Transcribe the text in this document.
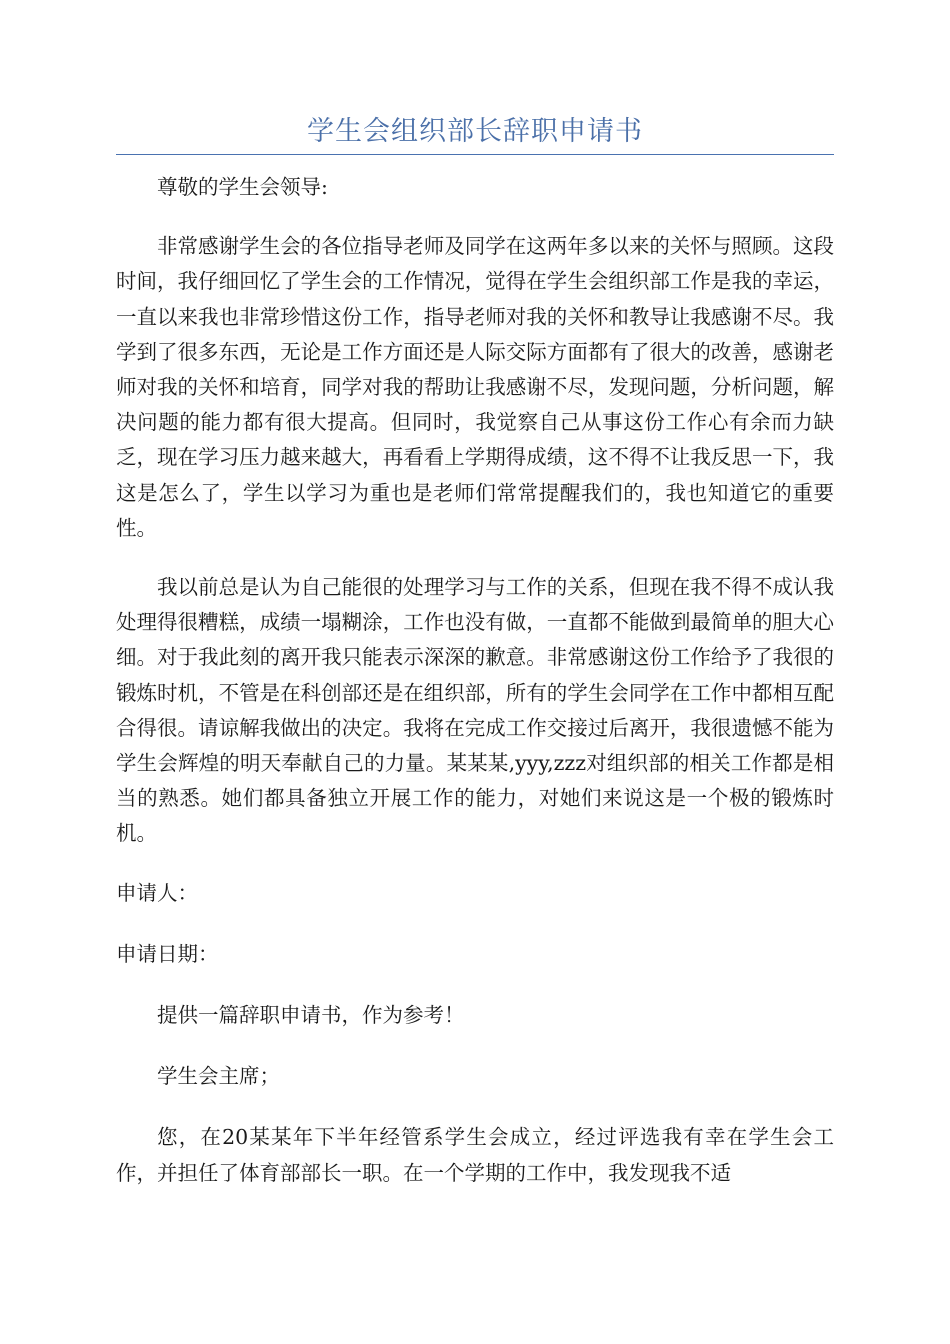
学生会组织部长辞职申请书

尊敬的学生会领导:

非常感谢学生会的各位指导老师及同学在这两年多以来的关怀与照顾。这段时间，我仔细回忆了学生会的工作情况，觉得在学生会组织部工作是我的幸运，一直以来我也非常珍惜这份工作，指导老师对我的关怀和教导让我感谢不尽。我学到了很多东西，无论是工作方面还是人际交际方面都有了很大的改善，感谢老师对我的关怀和培育，同学对我的帮助让我感谢不尽，发现问题，分析问题，解决问题的能力都有很大提高。但同时，我觉察自己从事这份工作心有余而力缺乏，现在学习压力越来越大，再看看上学期得成绩，这不得不让我反思一下，我这是怎么了，学生以学习为重也是老师们常常提醒我们的，我也知道它的重要性。

我以前总是认为自己能很的处理学习与工作的关系，但现在我不得不成认我处理得很糟糕，成绩一塌糊涂，工作也没有做，一直都不能做到最简单的胆大心细。对于我此刻的离开我只能表示深深的歉意。非常感谢这份工作给予了我很的锻炼时机，不管是在科创部还是在组织部，所有的学生会同学在工作中都相互配合得很。请谅解我做出的决定。我将在完成工作交接过后离开，我很遗憾不能为学生会辉煌的明天奉献自己的力量。某某某,yyy,zzz对组织部的相关工作都是相当的熟悉。她们都具备独立开展工作的能力，对她们来说这是一个极的锻炼时机。

申请人：

申请日期：

提供一篇辞职申请书，作为参考！

学生会主席；

您，在20某某年下半年经管系学生会成立，经过评选我有幸在学生会工作，并担任了体育部部长一职。在一个学期的工作中，我发现我不适
